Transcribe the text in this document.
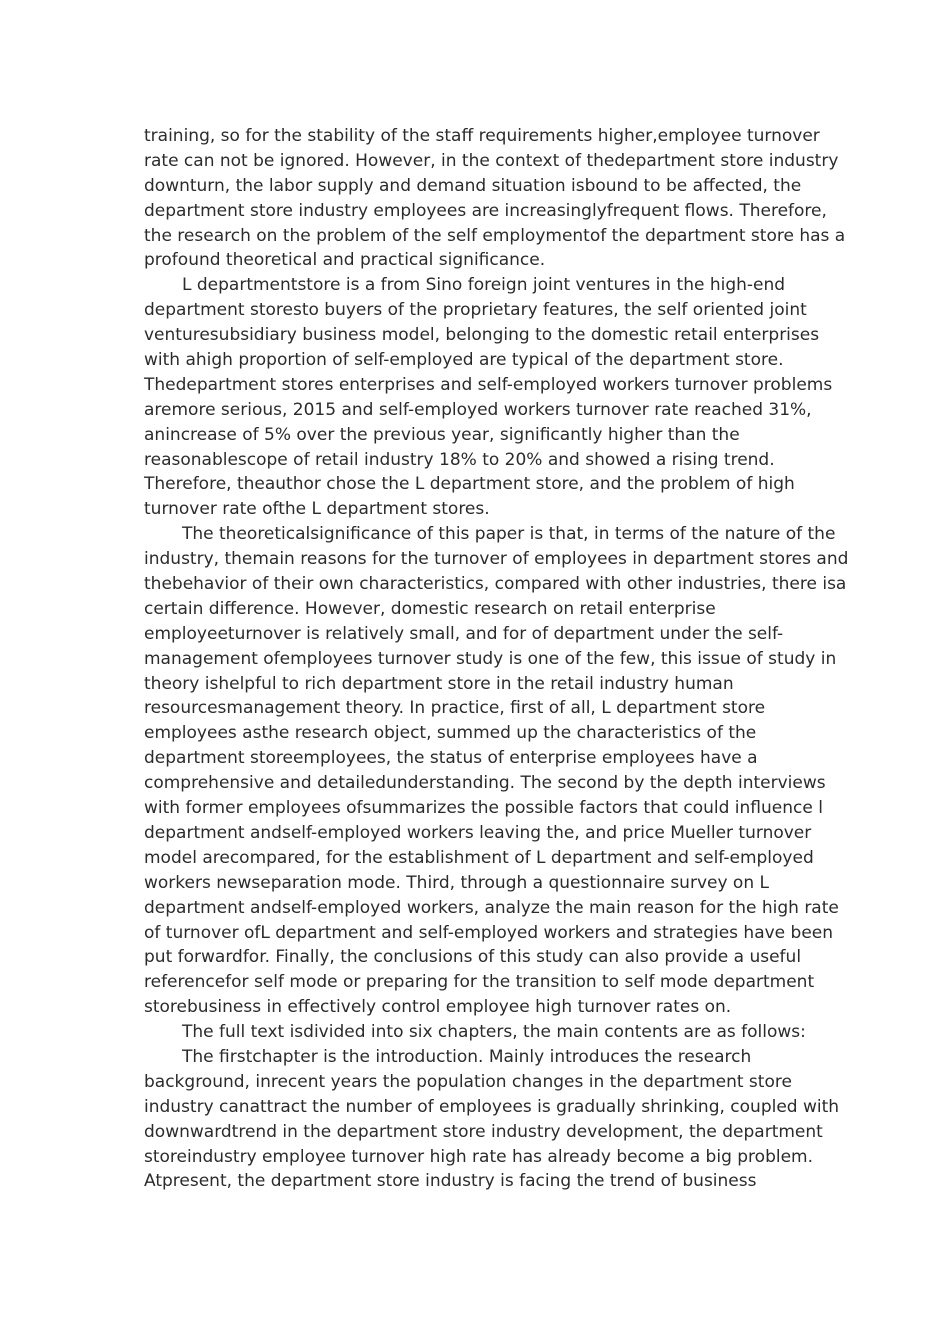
training, so for the stability of the staff requirements higher,employee turnover
rate can not be ignored. However, in the context of thedepartment store industry
downturn, the labor supply and demand situation isbound to be affected, the
department store industry employees are increasinglyfrequent flows. Therefore,
the research on the problem of the self employmentof the department store has a
profound theoretical and practical significance.
L departmentstore is a from Sino foreign joint ventures in the high-end
department storesto buyers of the proprietary features, the self oriented joint
venturesubsidiary business model, belonging to the domestic retail enterprises
with ahigh proportion of self-employed are typical of the department store.
Thedepartment stores enterprises and self-employed workers turnover problems
aremore serious, 2015 and self-employed workers turnover rate reached 31%,
anincrease of 5% over the previous year, significantly higher than the
reasonablescope of retail industry 18% to 20% and showed a rising trend.
Therefore, theauthor chose the L department store, and the problem of high
turnover rate ofthe L department stores.
The theoreticalsignificance of this paper is that, in terms of the nature of the
industry, themain reasons for the turnover of employees in department stores and
thebehavior of their own characteristics, compared with other industries, there isa
certain difference. However, domestic research on retail enterprise
employeeturnover is relatively small, and for of department under the self-
management ofemployees turnover study is one of the few, this issue of study in
theory ishelpful to rich department store in the retail industry human
resourcesmanagement theory. In practice, first of all, L department store
employees asthe research object, summed up the characteristics of the
department storeemployees, the status of enterprise employees have a
comprehensive and detailedunderstanding. The second by the depth interviews
with former employees ofsummarizes the possible factors that could influence l
department andself-employed workers leaving the, and price Mueller turnover
model arecompared, for the establishment of L department and self-employed
workers newseparation mode. Third, through a questionnaire survey on L
department andself-employed workers, analyze the main reason for the high rate
of turnover ofL department and self-employed workers and strategies have been
put forwardfor. Finally, the conclusions of this study can also provide a useful
referencefor self mode or preparing for the transition to self mode department
storebusiness in effectively control employee high turnover rates on.
The full text isdivided into six chapters, the main contents are as follows:
The firstchapter is the introduction. Mainly introduces the research
background, inrecent years the population changes in the department store
industry canattract the number of employees is gradually shrinking, coupled with
downwardtrend in the department store industry development, the department
storeindustry employee turnover high rate has already become a big problem.
Atpresent, the department store industry is facing the trend of business
